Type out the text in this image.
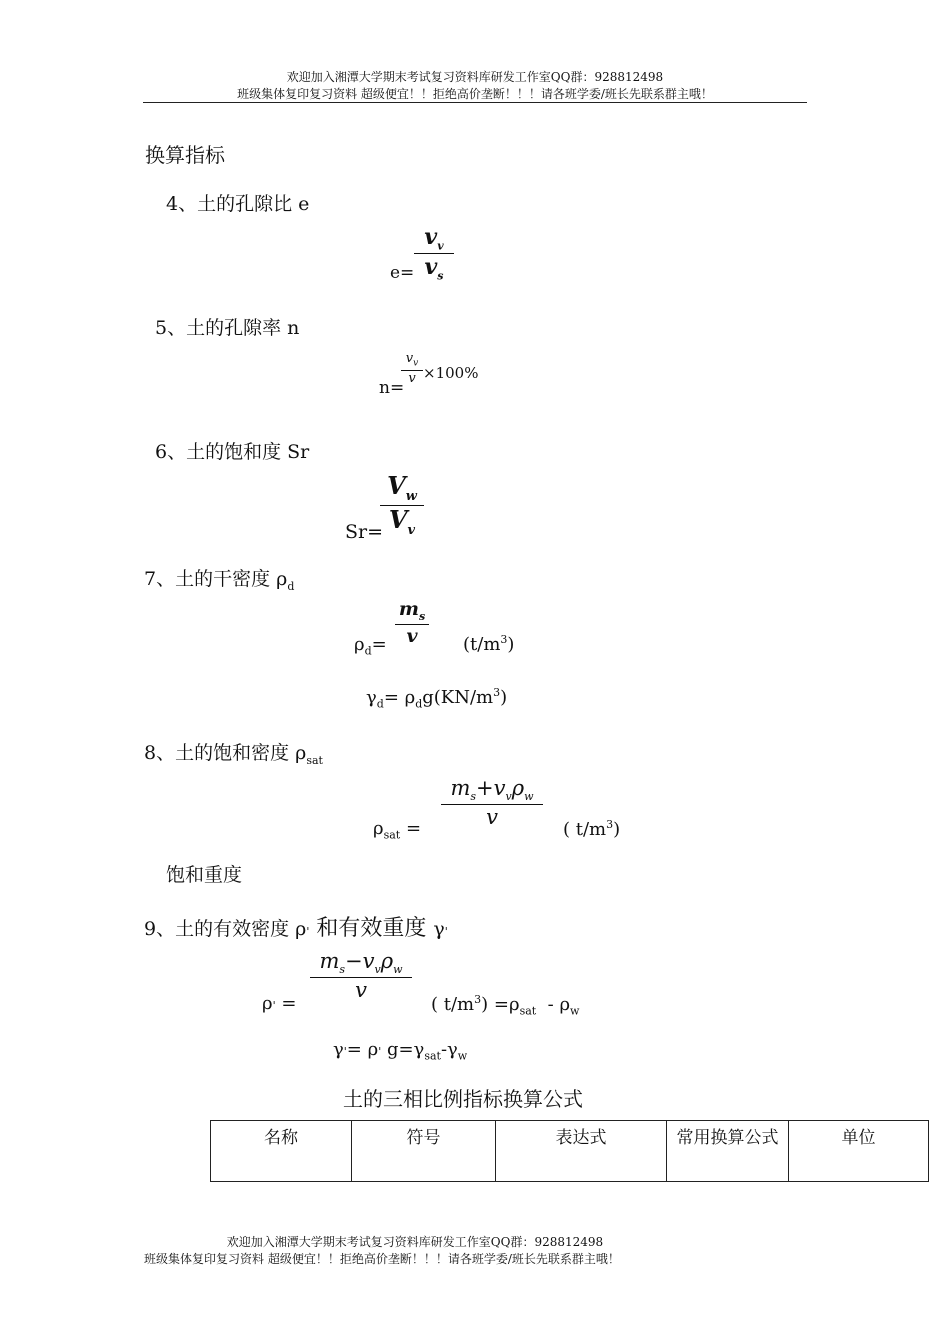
欢迎加入湘潭大学期末考试复习资料库研发工作室QQ群：928812498
班级集体复印复习资料 超级便宜！！拒绝高价垄断！！！请各班学委/班长先联系群主哦！
换算指标
4、土的孔隙比 e
e=
$v_v$
$v_s$
5、土的孔隙率 n
n=
$v_v$
v ×100%
6、土的饱和度 Sr
Sr=
$V_w$
$V_v$
7、土的干密度 $\rho_d$
$\rho_d=$
$m_s$
v	$(t/m^3)$
$\gamma_d= \rho_dg(KN/m^3)$
8、土的饱和密度 $\rho_{sat}$
$\rho_{sat}$ =
$m_s+v_v\rho_w$
v
( $t/m^3$)
饱和重度
9、土的有效密度 ρ' 和有效重度 γ'
ρ' =
$m_s-v_v\rho_w$
v
( $t/m^3) =\rho_{sat} - \rho_w$
γ'= ρ' $g=\gamma_{sat}-\gamma_w$
土的三相比例指标换算公式
名称	符号	表达式	常用换算公式	单位
欢迎加入湘潭大学期末考试复习资料库研发工作室QQ群：928812498
班级集体复印复习资料 超级便宜！！拒绝高价垄断！！！请各班学委/班长先联系群主哦！
